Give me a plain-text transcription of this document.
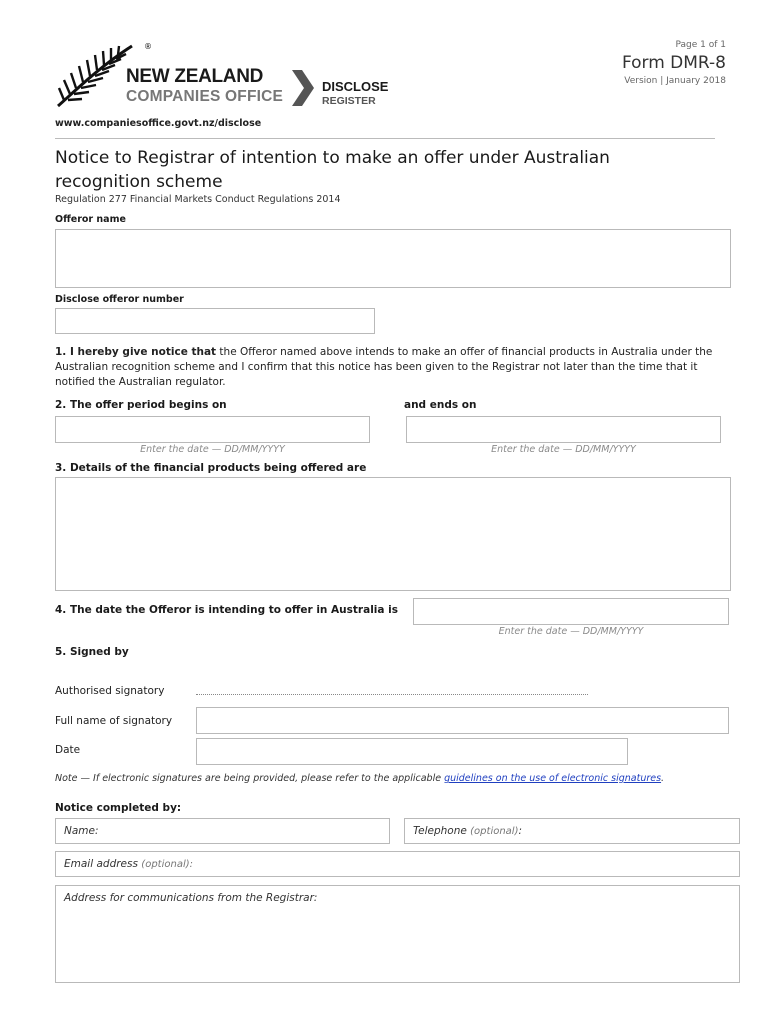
Page 1 of 1
Form DMR-8
Version | January 2018
®
NEW ZEALAND
COMPANIES OFFICE
DISCLOSE
REGISTER
www.companiesoffice.govt.nz/disclose
Notice to Registrar of intention to make an offer under Australian recognition scheme
Regulation 277 Financial Markets Conduct Regulations 2014
Offeror name
Disclose offeror number
1. I hereby give notice that the Offeror named above intends to make an offer of financial products in Australia under the Australian recognition scheme and I confirm that this notice has been given to the Registrar not later than the time that it notified the Australian regulator.
2. The offer period begins on	and ends on
Enter the date — DD/MM/YYYY	Enter the date — DD/MM/YYYY
3. Details of the financial products being offered are
4. The date the Offeror is intending to offer in Australia is
Enter the date — DD/MM/YYYY
5. Signed by
Authorised signatory
Full name of signatory
Date
Note — If electronic signatures are being provided, please refer to the applicable guidelines on the use of electronic signatures.
Notice completed by:
Name:	Telephone (optional):
Email address (optional):
Address for communications from the Registrar:
